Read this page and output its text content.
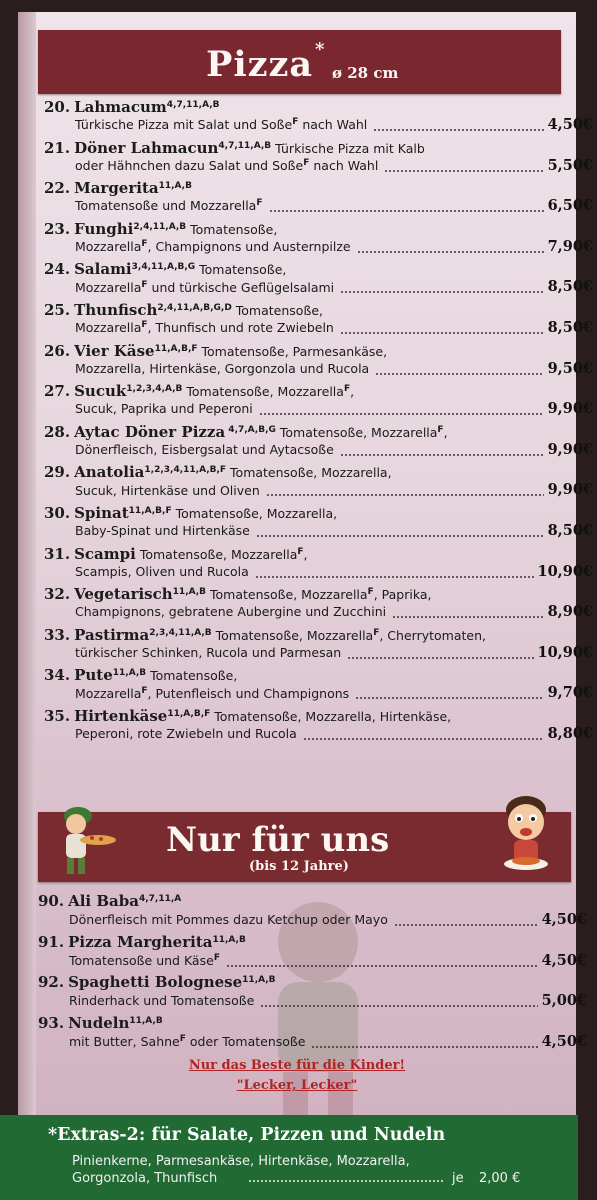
Pizza *
ø 28 cm
20. Lahmacum$^{4,7,11,A,B}$
Türkische Pizza mit Salat und Soße$^F$ nach Wahl	4,50€
21. Döner Lahmacun$^{4,7,11,A,B}$ Türkische Pizza mit Kalb
oder Hähnchen dazu Salat und Soße$^F$ nach Wahl	5,50€
22. Margerita$^{11,A,B}$
Tomatensoße und Mozzarella$^F$	6,50€
23. Funghi$^{2,4,11,A,B}$ Tomatensoße,
Mozzarella$^F$, Champignons und Austernpilze	7,90€
24. Salami$^{3,4,11,A,B,G}$ Tomatensoße,
Mozzarella$^F$ und türkische Geflügelsalami	8,50€
25. Thunfisch$^{2,4,11,A,B,G,D}$ Tomatensoße,
Mozzarella$^F$, Thunfisch und rote Zwiebeln	8,50€
26. Vier Käse$^{11,A,B,F}$ Tomatensoße, Parmesankäse,
Mozzarella, Hirtenkäse, Gorgonzola und Rucola	9,50€
27. Sucuk$^{1,2,3,4,A,B}$ Tomatensoße, Mozzarella$^F$,
Sucuk, Paprika und Peperoni	9,90€
28. Aytac Döner Pizza $^{4,7,A,B,G}$ Tomatensoße, Mozzarella$^F$,
Dönerfleisch, Eisbergsalat und Aytacsoße	9,90€
29. Anatolia$^{1,2,3,4,11,A,B,F}$ Tomatensoße, Mozzarella,
Sucuk, Hirtenkäse und Oliven	9,90€
30. Spinat$^{11,A,B,F}$ Tomatensoße, Mozzarella,
Baby-Spinat und Hirtenkäse	8,50€
31. Scampi Tomatensoße, Mozzarella$^F$,
Scampis, Oliven und Rucola	10,90€
32. Vegetarisch$^{11,A,B}$ Tomatensoße, Mozzarella$^F$, Paprika,
Champignons, gebratene Aubergine und Zucchini	8,90€
33. Pastirma$^{2,3,4,11,A,B}$ Tomatensoße, Mozzarella$^F$, Cherrytomaten,
türkischer Schinken, Rucola und Parmesan	10,90€
34. Pute$^{11,A,B}$ Tomatensoße,
Mozzarella$^F$, Putenfleisch und Champignons	9,70€
35. Hirtenkäse$^{11,A,B,F}$ Tomatensoße, Mozzarella, Hirtenkäse,
Peperoni, rote Zwiebeln und Rucola	8,80€
Nur für uns
(bis 12 Jahre)
90. Ali Baba$^{4,7,11,A}$
Dönerfleisch mit Pommes dazu Ketchup oder Mayo	4,50€
91. Pizza Margherita$^{11,A,B}$
Tomatensoße und Käse$^F$	4,50€
92. Spaghetti Bolognese$^{11,A,B}$
Rinderhack und Tomatensoße	5,00€
93. Nudeln$^{11,A,B}$
mit Butter, Sahne$^F$ oder Tomatensoße	4,50€
Nur das Beste für die Kinder!
"Lecker, Lecker"
*Extras-2: für Salate, Pizzen und Nudeln
Pinienkerne, Parmesankäse, Hirtenkäse, Mozzarella,
Gorgonzola, Thunfisch	je 2,00 €
